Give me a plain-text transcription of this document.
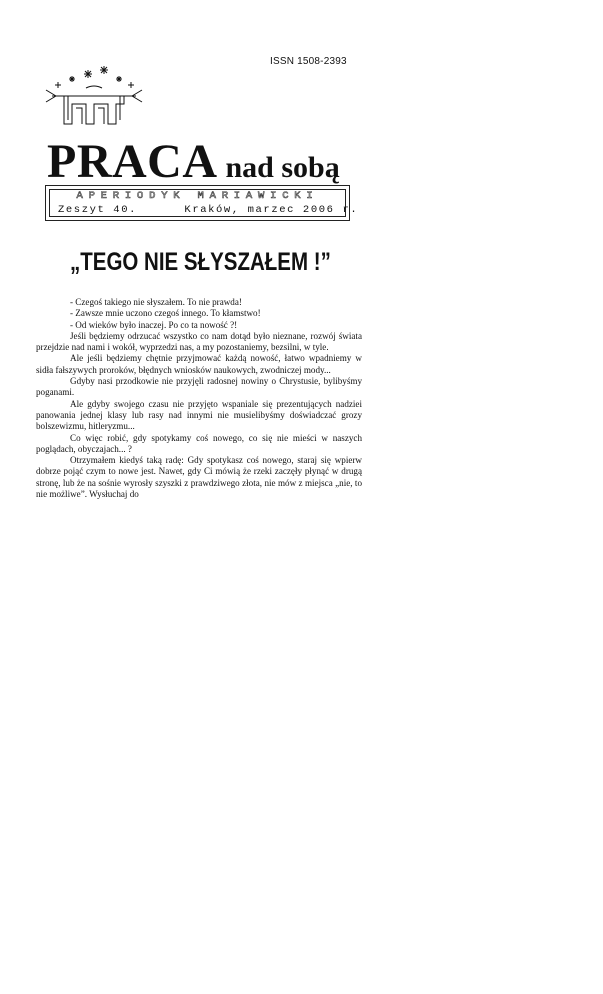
ISSN 1508-2393
PRACA nad sobą
APERIODYK MARIAWICKI
Zeszyt 40.	Kraków, marzec 2006 r.
„TEGO NIE SŁYSZAŁEM !”

- Czegoś takiego nie słyszałem. To nie prawda!

- Zawsze mnie uczono czegoś innego. To kłamstwo!

- Od wieków było inaczej. Po co ta nowość ?!

Jeśli będziemy odrzucać wszystko co nam dotąd było nieznane, rozwój świata przejdzie nad nami i wokół, wyprzedzi nas, a my pozostaniemy, bezsilni, w tyle.

Ale jeśli będziemy chętnie przyjmować każdą nowość, łatwo wpadniemy w sidła fałszywych proroków, błędnych wniosków naukowych, zwodniczej mody...

Gdyby nasi przodkowie nie przyjęli radosnej nowiny o Chrystusie, bylibyśmy poganami.

Ale gdyby swojego czasu nie przyjęto wspaniale się prezentujących nadziei panowania jednej klasy lub rasy nad innymi nie musielibyśmy doświadczać grozy bolszewizmu, hitleryzmu...

Co więc robić, gdy spotykamy coś nowego, co się nie mieści w naszych poglądach, obyczajach... ?

Otrzymałem kiedyś taką radę: Gdy spotykasz coś nowego, staraj się wpierw dobrze pojąć czym to nowe jest. Nawet, gdy Ci mówią że rzeki zaczęły płynąć w drugą stronę, lub że na sośnie wyrosły szyszki z prawdziwego złota, nie mów z miejsca „nie, to nie możliwe”. Wysłuchaj do
